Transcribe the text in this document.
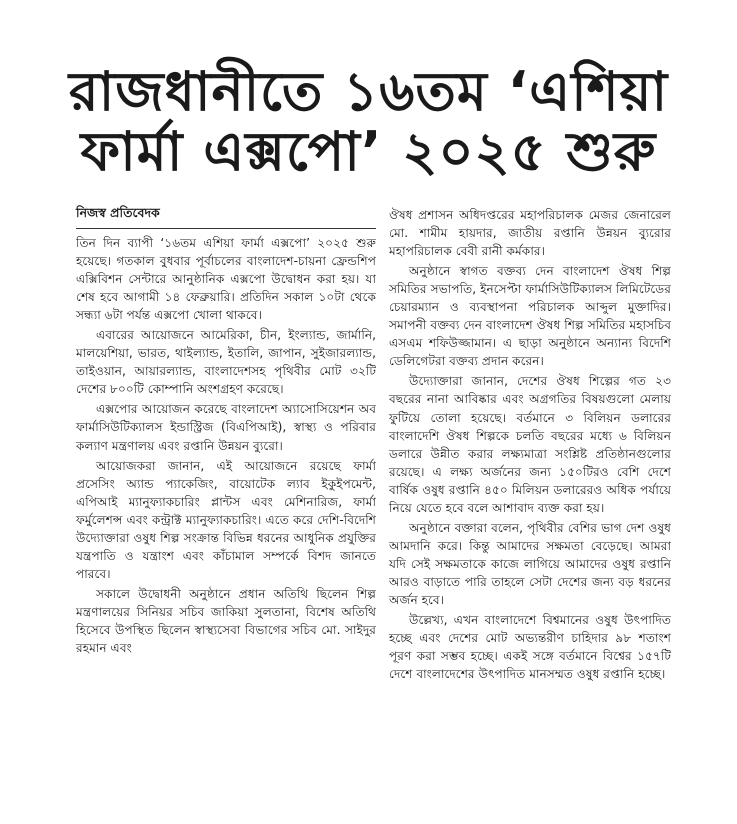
রাজধানীতে ১৬তম ‘এশিয়া
ফার্মা এক্সপো’ ২০২৫ শুরু
নিজস্ব প্রতিবেদক

তিন দিন ব্যাপী ‘১৬তম এশিয়া ফার্মা এক্সপো’ ২০২৫ শুরু হয়েছে। গতকাল বুধবার পূর্বাচলের বাংলাদেশ-চায়না ফ্রেন্ডশিপ এক্সিবিশন সেন্টারে আনুষ্ঠানিক এক্সপো উদ্বোধন করা হয়। যা শেষ হবে আগামী ১৪ ফেব্রুয়ারি। প্রতিদিন সকাল ১০টা থেকে সন্ধ্যা ৬টা পর্যন্ত এক্সপো খোলা থাকবে।

এবারের আয়োজনে আমেরিকা, চীন, ইংল্যান্ড, জার্মানি, মালয়েশিয়া, ভারত, থাইল্যান্ড, ইতালি, জাপান, সুইজারল্যান্ড, তাইওয়ান, আয়ারল্যান্ড, বাংলাদেশসহ পৃথিবীর মোট ৩২টি দেশের ৮০০টি কোম্পানি অংশগ্রহণ করেছে।

এক্সপোর আয়োজন করেছে বাংলাদেশ অ্যাসোসিয়েশন অব ফার্মাসিউটিক্যালস ইন্ডাস্ট্রিজ (বিএপিআই), স্বাস্থ্য ও পরিবার কল্যাণ মন্ত্রণালয় এবং রপ্তানি উন্নয়ন ব্যুরো।

আয়োজকরা জানান, এই আয়োজনে রয়েছে ফার্মা প্রসেসিং অ্যান্ড প্যাকেজিং, বায়োটেক ল্যাব ইকুইপমেন্ট, এপিআই ম্যানুফ্যাকচারিং প্লান্টস এবং মেশিনারিজ, ফার্মা ফর্মুলেশন্স এবং কন্ট্রাক্ট ম্যানুফ্যাকচারিং। এতে করে দেশি-বিদেশি উদ্যোক্তারা ওষুধ শিল্প সংক্রান্ত বিভিন্ন ধরনের আধুনিক প্রযুক্তির যন্ত্রপাতি ও যন্ত্রাংশ এবং কাঁচামাল সম্পর্কে বিশদ জানতে পারবে।

সকালে উদ্বোধনী অনুষ্ঠানে প্রধান অতিথি ছিলেন শিল্প মন্ত্রণালয়ের সিনিয়র সচিব জাকিয়া সুলতানা, বিশেষ অতিথি হিসেবে উপস্থিত ছিলেন স্বাস্থ্যসেবা বিভাগের সচিব মো. সাইদুর রহমান এবং

ঔষধ প্রশাসন অধিদপ্তরের মহাপরিচালক মেজর জেনারেল মো. শামীম হায়দার, জাতীয় রপ্তানি উন্নয়ন ব্যুরোর মহাপরিচালক বেবী রানী কর্মকার।

অনুষ্ঠানে স্বাগত বক্তব্য দেন বাংলাদেশ ঔষধ শিল্প সমিতির সভাপতি, ইনসেপ্টা ফার্মাসিউটিক্যালস লিমিটেডের চেয়ারম্যান ও ব্যবস্থাপনা পরিচালক আব্দুল মুক্তাদির। সমাপনী বক্তব্য দেন বাংলাদেশ ঔষধ শিল্প সমিতির মহাসচিব এসএম শফিউজ্জামান। এ ছাড়া অনুষ্ঠানে অন্যান্য বিদেশি ডেলিগেটরা বক্তব্য প্রদান করেন।

উদ্যোক্তারা জানান, দেশের ঔষধ শিল্পের গত ২৩ বছরের নানা আবিষ্কার এবং অগ্রগতির বিষয়গুলো মেলায় ফুটিয়ে তোলা হয়েছে। বর্তমানে ৩ বিলিয়ন ডলারের বাংলাদেশি ঔষধ শিল্পকে চলতি বছরের মধ্যে ৬ বিলিয়ন ডলারে উন্নীত করার লক্ষ্যমাত্রা সংশ্লিষ্ট প্রতিষ্ঠানগুলোর রয়েছে। এ লক্ষ্য অর্জনের জন্য ১৫০টিরও বেশি দেশে বার্ষিক ওষুধ রপ্তানি ৪৫০ মিলিয়ন ডলারেরও অধিক পর্যায়ে নিয়ে যেতে হবে বলে আশাবাদ ব্যক্ত করা হয়।

অনুষ্ঠানে বক্তারা বলেন, পৃথিবীর বেশির ভাগ দেশ ওষুধ আমদানি করে। কিন্তু আমাদের সক্ষমতা বেড়েছে। আমরা যদি সেই সক্ষমতাকে কাজে লাগিয়ে আমাদের ওষুধ রপ্তানি আরও বাড়াতে পারি তাহলে সেটা দেশের জন্য বড় ধরনের অর্জন হবে।

উল্লেখ্য, এখন বাংলাদেশে বিশ্বমানের ওষুধ উৎপাদিত হচ্ছে এবং দেশের মোট অভ্যন্তরীণ চাহিদার ৯৮ শতাংশ পূরণ করা সম্ভব হচ্ছে। একই সঙ্গে বর্তমানে বিশ্বের ১৫৭টি দেশে বাংলাদেশের উৎপাদিত মানসম্মত ওষুধ রপ্তানি হচ্ছে।
